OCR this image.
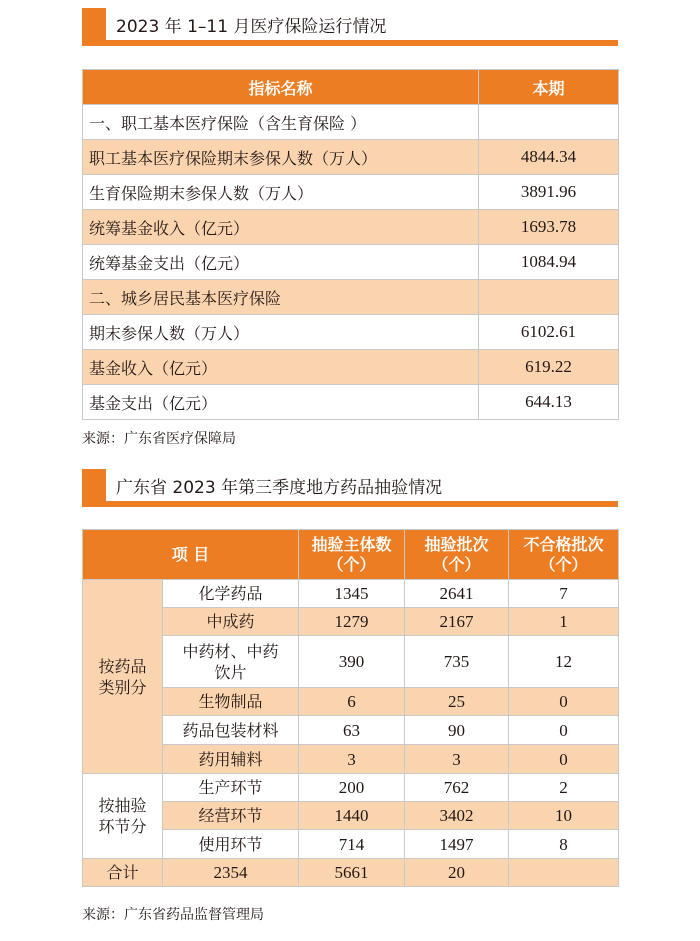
2023 年 1–11 月医疗保险运行情况
指标名称	本期
一、职工基本医疗保险（含生育保险 ）	
职工基本医疗保险期末参保人数（万人）	4844.34
生育保险期末参保人数（万人）	3891.96
统筹基金收入（亿元）	1693.78
统筹基金支出（亿元）	1084.94
二、城乡居民基本医疗保险	
期末参保人数（万人）	6102.61
基金收入（亿元）	619.22
基金支出（亿元）	644.13
来源：广东省医疗保障局
广东省 2023 年第三季度地方药品抽验情况
项 目		抽验主体数（个）	抽验批次（个）	不合格批次（个）
按药品类别分	化学药品	1345	2641	7
	中成药	1279	2167	1
	中药材、中药饮片	390	735	12
	生物制品	6	25	0
	药品包装材料	63	90	0
	药用辅料	3	3	0
按抽验环节分	生产环节	200	762	2
	经营环节	1440	3402	10
	使用环节	714	1497	8
合计	2354	5661	20	
来源：广东省药品监督管理局
